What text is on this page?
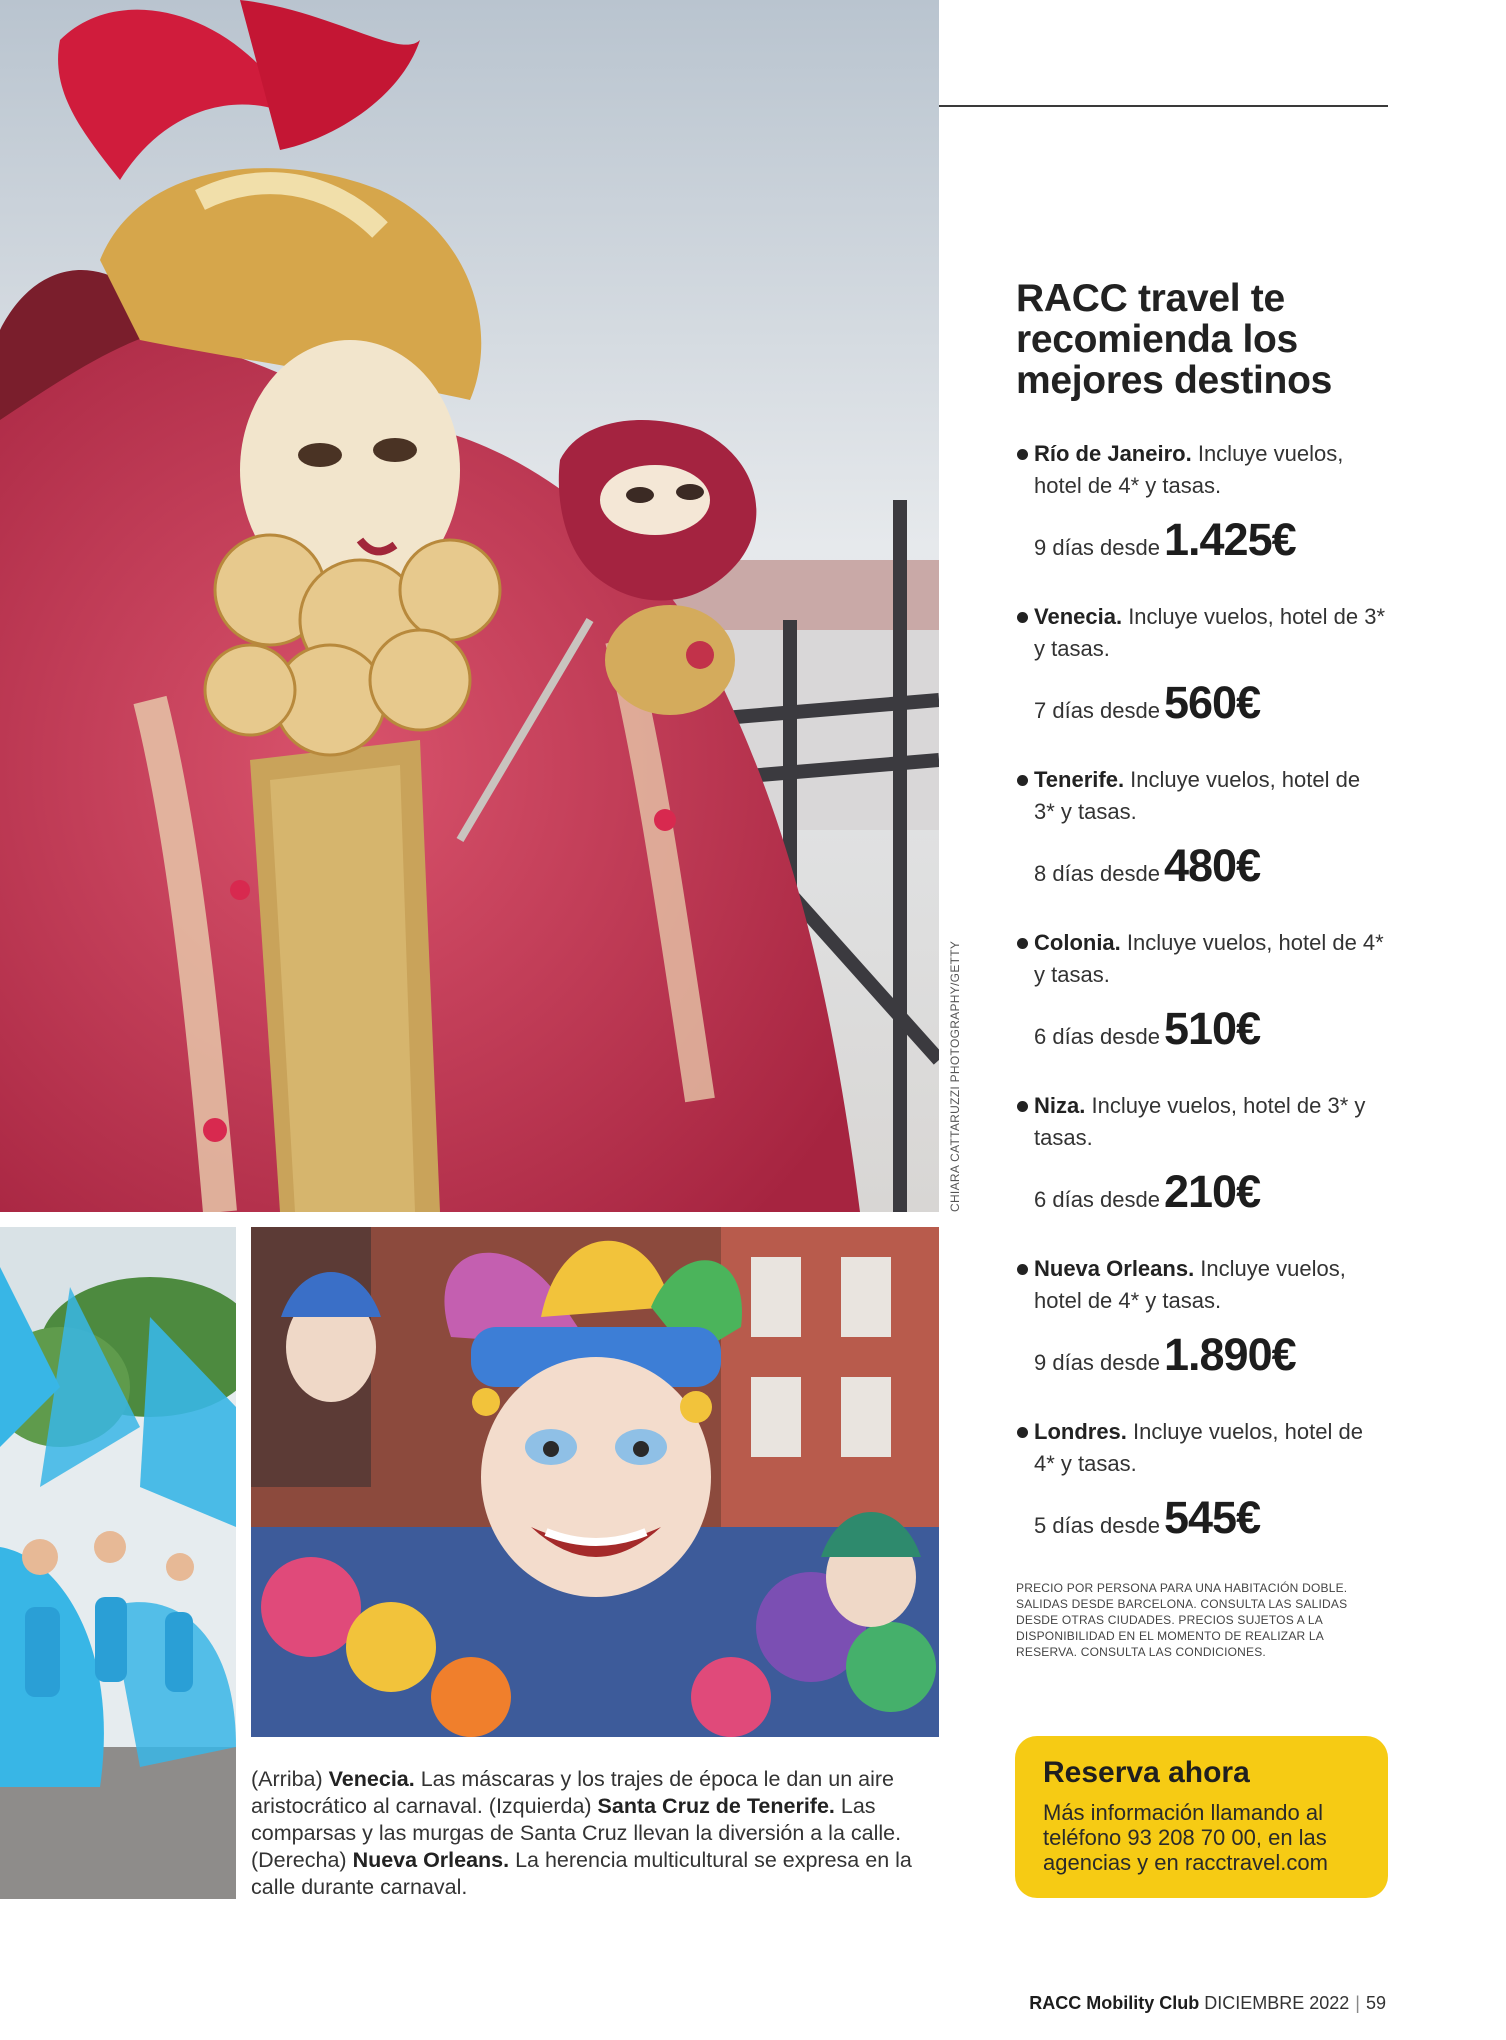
CHIARA CATTARUZZI PHOTOGRAPHY/GETTY
(Arriba) Venecia. Las máscaras y los trajes de época le dan un aire aristocrático al carnaval. (Izquierda) Santa Cruz de Tenerife. Las comparsas y las murgas de Santa Cruz llevan la diversión a la calle. (Derecha) Nueva Orleans. La herencia multicultural se expresa en la calle durante carnaval.
RACC travel te recomienda los mejores destinos
Río de Janeiro. Incluye vuelos, hotel de 4* y tasas.
9 días desde1.425€
Venecia. Incluye vuelos, hotel de 3* y tasas.
7 días desde560€
Tenerife. Incluye vuelos, hotel de 3* y tasas.
8 días desde480€
Colonia. Incluye vuelos, hotel de 4* y tasas.
6 días desde510€
Niza. Incluye vuelos, hotel de 3* y tasas.
6 días desde210€
Nueva Orleans. Incluye vuelos, hotel de 4* y tasas.
9 días desde1.890€
Londres. Incluye vuelos, hotel de 4* y tasas.
5 días desde545€
PRECIO POR PERSONA PARA UNA HABITACIÓN DOBLE. SALIDAS DESDE BARCELONA. CONSULTA LAS SALIDAS DESDE OTRAS CIUDADES. PRECIOS SUJETOS A LA DISPONIBILIDAD EN EL MOMENTO DE REALIZAR LA RESERVA. CONSULTA LAS CONDICIONES.
Reserva ahora
Más información llamando al teléfono 93 208 70 00, en las agencias y en racctravel.com
RACC Mobility Club DICIEMBRE 2022 | 59
